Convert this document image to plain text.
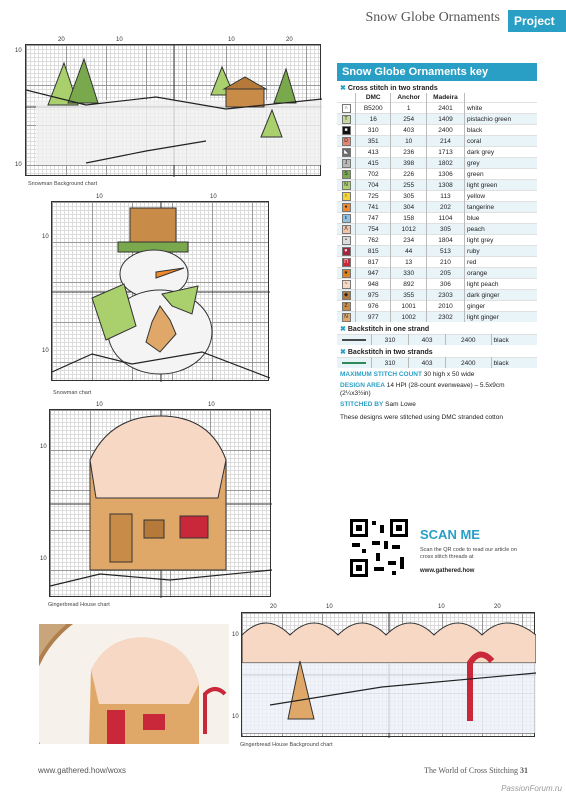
Snow Globe Ornaments	Project
20	10	10	20
10
10
Snowman Background chart
10	10
10
10
Snowman chart
10	10
10
10
Gingerbread House chart	20	10	10	20
10
10
Gingerbread House Background chart
Snow Globe Ornaments key
✖ Cross stitch in two strands
	DMC	Anchor	Madeira	
∩	B5200	1	2401	white
T	16	254	1409	pistachio green
■	310	403	2400	black
Ω	351	10	214	coral
◣	413	236	1713	dark grey
J	415	398	1802	grey
S	702	226	1306	green
N	704	255	1308	light green
♀	725	305	113	yellow
●	741	304	202	tangerine
ε	747	158	1104	blue
Λ	754	1012	305	peach
•	762	234	1804	light grey
♥	815	44	513	ruby
Π	817	13	210	red
★	947	330	205	orange
~	948	892	306	light peach
◆	975	355	2303	dark ginger
Z	976	1001	2010	ginger
N	977	1002	2302	light ginger
✖ Backstitch in one strand
	310	403	2400	black
✖ Backstitch in two strands
	310	403	2400	black
MAXIMUM STITCH COUNT 30 high x 50 wide
DESIGN AREA 14 HPI (28-count evenweave) – 5.5x9cm (2¼x3½in)
STITCHED BY Sam Lowe
These designs were stitched using DMC stranded cotton
SCAN ME
Scan the QR code to read our article on cross stitch threads at
www.gathered.how
www.gathered.how/woxs	The World of Cross Stitching 31
PassionForum.ru
